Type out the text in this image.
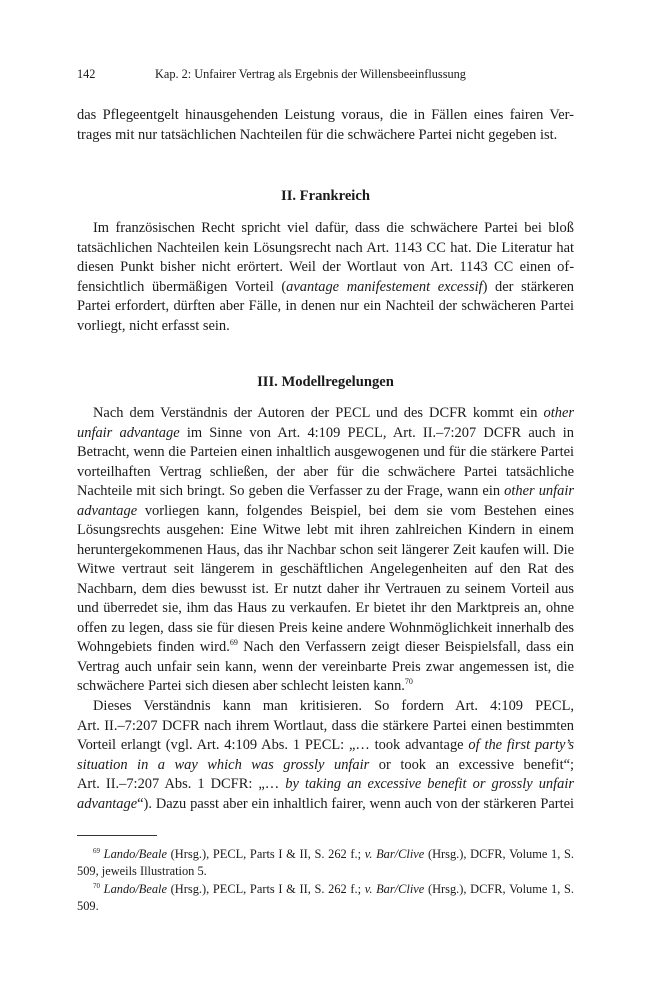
142	Kap. 2: Unfairer Vertrag als Ergebnis der Willensbeeinflussung
das Pflegeentgelt hinausgehenden Leistung voraus, die in Fällen eines fairen Ver-
trages mit nur tatsächlichen Nachteilen für die schwächere Partei nicht gegeben ist.
II. Frankreich
Im französischen Recht spricht viel dafür, dass die schwächere Partei bei bloß
tatsächlichen Nachteilen kein Lösungsrecht nach Art. 1143 CC hat. Die Literatur hat
diesen Punkt bisher nicht erörtert. Weil der Wortlaut von Art. 1143 CC einen of-
fensichtlich übermäßigen Vorteil (avantage manifestement excessif) der stärkeren
Partei erfordert, dürften aber Fälle, in denen nur ein Nachteil der schwächeren Partei
vorliegt, nicht erfasst sein.
III. Modellregelungen
Nach dem Verständnis der Autoren der PECL und des DCFR kommt ein other
unfair advantage im Sinne von Art. 4:109 PECL, Art. II.–7:207 DCFR auch in
Betracht, wenn die Parteien einen inhaltlich ausgewogenen und für die stärkere Partei
vorteilhaften Vertrag schließen, der aber für die schwächere Partei tatsächliche
Nachteile mit sich bringt. So geben die Verfasser zu der Frage, wann ein other unfair
advantage vorliegen kann, folgendes Beispiel, bei dem sie vom Bestehen eines
Lösungsrechts ausgehen: Eine Witwe lebt mit ihren zahlreichen Kindern in einem
heruntergekommenen Haus, das ihr Nachbar schon seit längerer Zeit kaufen will. Die
Witwe vertraut seit längerem in geschäftlichen Angelegenheiten auf den Rat des
Nachbarn, dem dies bewusst ist. Er nutzt daher ihr Vertrauen zu seinem Vorteil aus
und überredet sie, ihm das Haus zu verkaufen. Er bietet ihr den Marktpreis an, ohne
offen zu legen, dass sie für diesen Preis keine andere Wohnmöglichkeit innerhalb des
Wohngebiets finden wird.$^{69}$ Nach den Verfassern zeigt dieser Beispielsfall, dass ein
Vertrag auch unfair sein kann, wenn der vereinbarte Preis zwar angemessen ist, die
schwächere Partei sich diesen aber schlecht leisten kann.$^{70}$
Dieses Verständnis kann man kritisieren. So fordern Art. 4:109 PECL,
Art. II.–7:207 DCFR nach ihrem Wortlaut, dass die stärkere Partei einen bestimmten
Vorteil erlangt (vgl. Art. 4:109 Abs. 1 PECL: „… took advantage of the first party’s
situation in a way which was grossly unfair or took an excessive benefit“;
Art. II.–7:207 Abs. 1 DCFR: „… by taking an excessive benefit or grossly unfair
advantage“). Dazu passt aber ein inhaltlich fairer, wenn auch von der stärkeren Partei

$^{69}$ Lando/Beale (Hrsg.), PECL, Parts I & II, S. 262 f.; v. Bar/Clive (Hrsg.), DCFR, Volume 1, S. 509, jeweils Illustration 5.

$^{70}$ Lando/Beale (Hrsg.), PECL, Parts I & II, S. 262 f.; v. Bar/Clive (Hrsg.), DCFR, Volume 1, S. 509.
